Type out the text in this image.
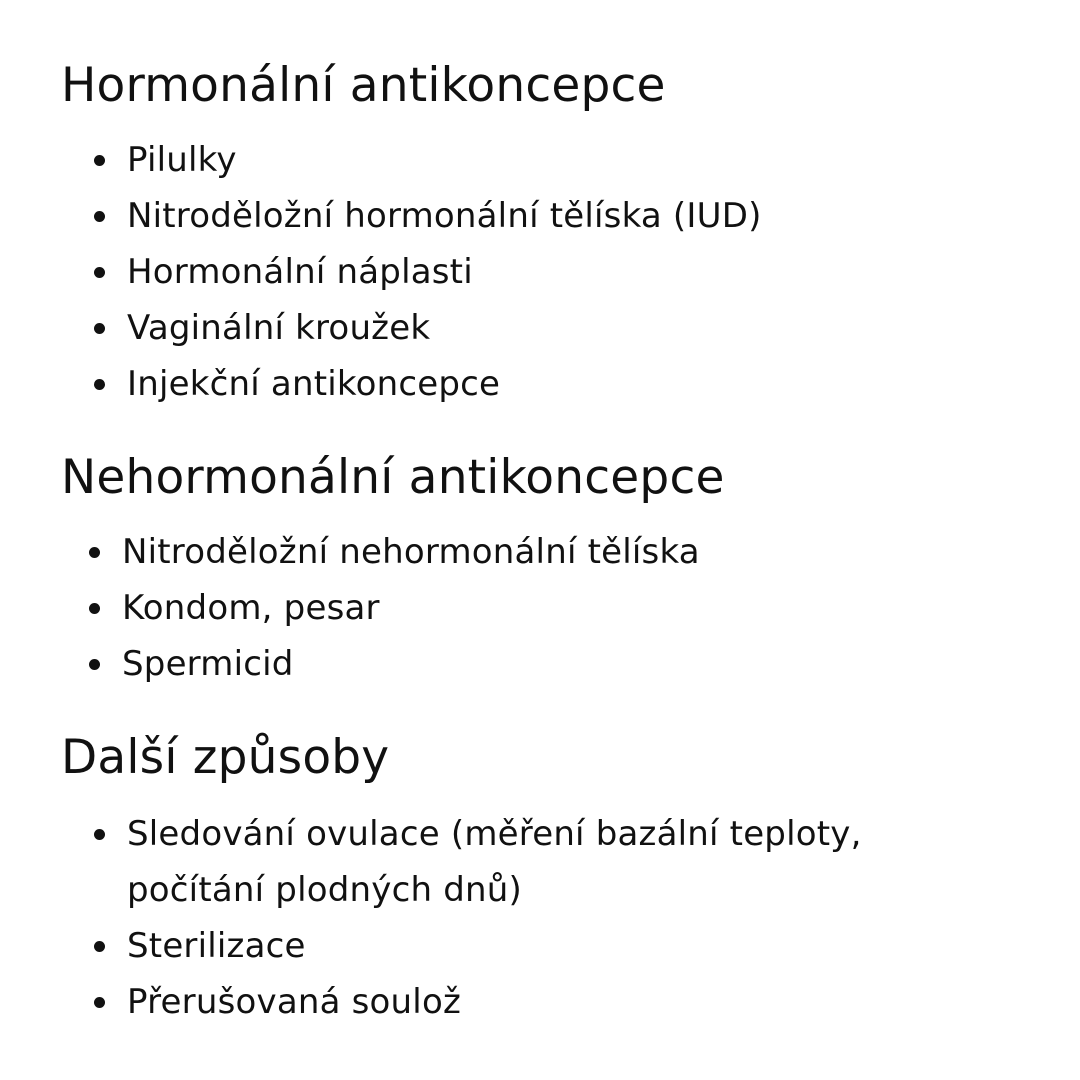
Hormonální antikoncepce
Pilulky
Nitroděložní hormonální tělíska (IUD)
Hormonální náplasti
Vaginální kroužek
Injekční antikoncepce
Nehormonální antikoncepce
Nitroděložní nehormonální tělíska
Kondom, pesar
Spermicid
Další způsoby
Sledování ovulace (měření bazální teploty, počítání plodných dnů)
Sterilizace
Přerušovaná soulož
